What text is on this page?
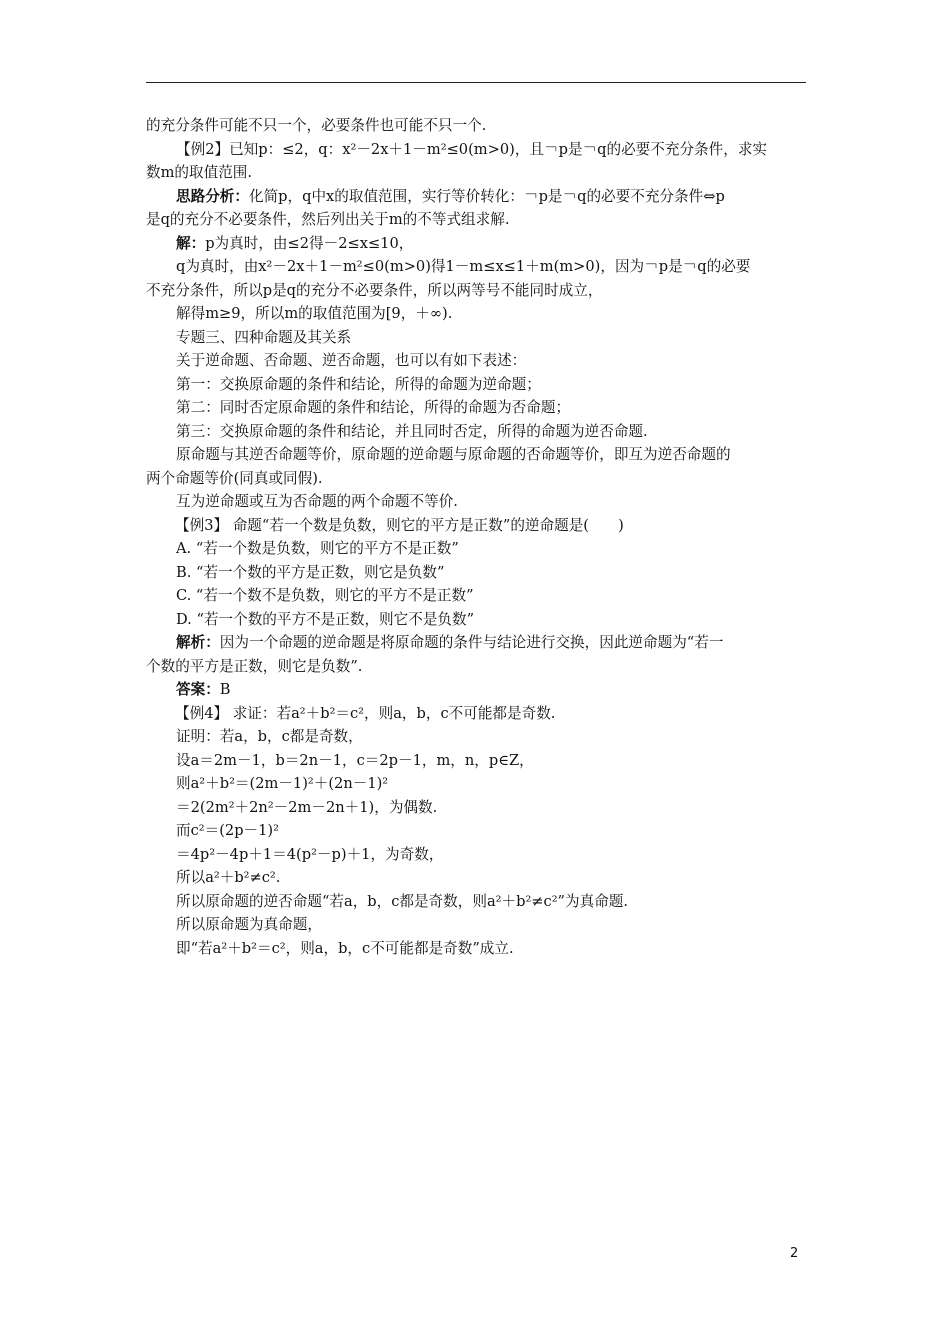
的充分条件可能不只一个，必要条件也可能不只一个.
【例2】已知p：≤2，q：x²－2x＋1－m²≤0(m>0)，且￢p是￢q的必要不充分条件，求实
数m的取值范围.
思路分析：化简p，q中x的取值范围，实行等价转化：￢p是￢q的必要不充分条件⇔p
是q的充分不必要条件，然后列出关于m的不等式组求解.
解：p为真时，由≤2得－2≤x≤10，
q为真时，由x²－2x＋1－m²≤0(m>0)得1－m≤x≤1＋m(m>0)，因为￢p是￢q的必要
不充分条件，所以p是q的充分不必要条件，所以两等号不能同时成立，
解得m≥9，所以m的取值范围为[9，＋∞).
专题三、四种命题及其关系
关于逆命题、否命题、逆否命题，也可以有如下表述：
第一：交换原命题的条件和结论，所得的命题为逆命题；
第二：同时否定原命题的条件和结论，所得的命题为否命题；
第三：交换原命题的条件和结论，并且同时否定，所得的命题为逆否命题.
原命题与其逆否命题等价，原命题的逆命题与原命题的否命题等价，即互为逆否命题的
两个命题等价(同真或同假).
互为逆命题或互为否命题的两个命题不等价.
【例3】 命题“若一个数是负数，则它的平方是正数”的逆命题是(　　)
A. “若一个数是负数，则它的平方不是正数”
B. “若一个数的平方是正数，则它是负数”
C. “若一个数不是负数，则它的平方不是正数”
D. “若一个数的平方不是正数，则它不是负数”
解析：因为一个命题的逆命题是将原命题的条件与结论进行交换，因此逆命题为“若一
个数的平方是正数，则它是负数”.
答案：B
【例4】 求证：若a²＋b²＝c²，则a，b，c不可能都是奇数.
证明：若a，b，c都是奇数，
设a＝2m－1，b＝2n－1，c＝2p－1，m，n，p∈Z，
则a²＋b²＝(2m－1)²＋(2n－1)²
＝2(2m²＋2n²－2m－2n＋1)，为偶数.
而c²＝(2p－1)²
＝4p²－4p＋1＝4(p²－p)＋1，为奇数，
所以a²＋b²≠c².
所以原命题的逆否命题“若a，b，c都是奇数，则a²＋b²≠c²”为真命题.
所以原命题为真命题，
即“若a²＋b²＝c²，则a，b，c不可能都是奇数”成立.
2
